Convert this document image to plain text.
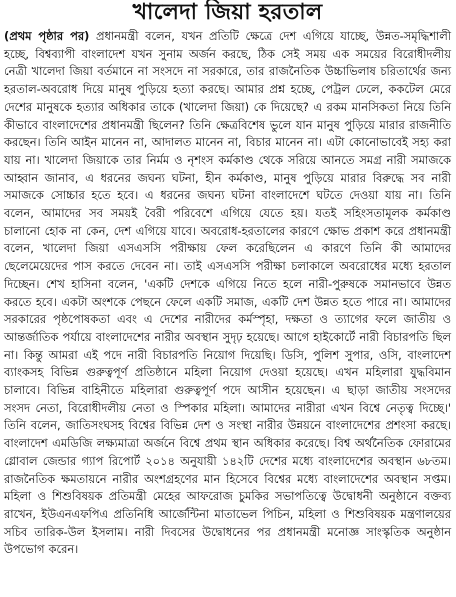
খালেদা জিয়া হরতাল

(প্রথম পৃষ্ঠার পর) প্রধানমন্ত্রী বলেন, যখন প্রতিটি ক্ষেত্রে দেশ এগিয়ে যাচ্ছে, উন্নত-সমৃদ্ধিশালী হচ্ছে, বিশ্বব্যাপী বাংলাদেশ যখন সুনাম অর্জন করছে, ঠিক সেই সময় এক সময়ের বিরোধীদলীয় নেত্রী খালেদা জিয়া বর্তমানে না সংসদে না সরকারে, তার রাজনৈতিক উচ্চাভিলাষ চরিতার্থের জন্য হরতাল-অবরোধ দিয়ে মানুষ পুড়িয়ে হত্যা করছে। আমার প্রশ্ন হচ্ছে, পেট্রল ঢেলে, ককটেল মেরে দেশের মানুষকে হত্যার অধিকার তাকে (খালেদা জিয়া) কে দিয়েছে? এ রকম মানসিকতা নিয়ে তিনি কীভাবে বাংলাদেশের প্রধানমন্ত্রী ছিলেন? তিনি ক্ষেত্রবিশেষ ভুলে যান মানুষ পুড়িয়ে মারার রাজনীতি করছেন। তিনি আইন মানেন না, আদালত মানেন না, বিচার মানেন না। এটা কোনোভাবেই সহ্য করা যায় না। খালেদা জিয়াকে তার নির্মম ও নৃশংস কর্মকাণ্ড থেকে সরিয়ে আনতে সমগ্র নারী সমাজকে আহ্বান জানাব, এ ধরনের জঘন্য ঘটনা, হীন কর্মকাণ্ড, মানুষ পুড়িয়ে মারার বিরুদ্ধে সব নারী সমাজকে সোচ্চার হতে হবে। এ ধরনের জঘন্য ঘটনা বাংলাদেশে ঘটতে দেওয়া যায় না। তিনি বলেন, আমাদের সব সময়ই বৈরী পরিবেশে এগিয়ে যেতে হয়। যতই সহিংসতামূলক কর্মকাণ্ড চালানো হোক না কেন, দেশ এগিয়ে যাবে। অবরোধ-হরতালের কারণে ক্ষোভ প্রকাশ করে প্রধানমন্ত্রী বলেন, খালেদা জিয়া এসএসসি পরীক্ষায় ফেল করেছিলেন এ কারণে তিনি কী আমাদের ছেলেমেয়েদের পাস করতে দেবেন না। তাই এসএসসি পরীক্ষা চলাকালে অবরোধের মধ্যে হরতাল দিচ্ছেন। শেখ হাসিনা বলেন, 'একটি দেশকে এগিয়ে নিতে হলে নারী-পুরুষকে সমানভাবে উন্নত করতে হবে। একটা অংশকে পেছনে ফেলে একটি সমাজ, একটি দেশ উন্নত হতে পারে না। আমাদের সরকারের পৃষ্ঠপোষকতা এবং এ দেশের নারীদের কর্মস্পৃহা, দক্ষতা ও ত্যাগের ফলে জাতীয় ও আন্তর্জাতিক পর্যায়ে বাংলাদেশের নারীর অবস্থান সুদৃঢ় হয়েছে। আগে হাইকোর্টে নারী বিচারপতি ছিল না। কিন্তু আমরা এই পদে নারী বিচারপতি নিয়োগ দিয়েছি। ডিসি, পুলিশ সুপার, ওসি, বাংলাদেশ ব্যাংকসহ বিভিন্ন গুরুত্বপূর্ণ প্রতিষ্ঠানে মহিলা নিয়োগ দেওয়া হয়েছে। এখন মহিলারা যুদ্ধবিমান চালাবে। বিভিন্ন বাহিনীতে মহিলারা গুরুত্বপূর্ণ পদে আসীন হয়েছেন। এ ছাড়া জাতীয় সংসদের সংসদ নেতা, বিরোধীদলীয় নেতা ও স্পিকার মহিলা। আমাদের নারীরা এখন বিশ্বে নেতৃত্ব দিচ্ছে।' তিনি বলেন, জাতিসংঘসহ বিশ্বের বিভিন্ন দেশ ও সংস্থা নারীর উন্নয়নে বাংলাদেশের প্রশংসা করছে। বাংলাদেশ এমডিজি লক্ষ্যমাত্রা অর্জনে বিশ্বে প্রথম স্থান অধিকার করেছে। বিশ্ব অর্থনৈতিক ফোরামের গ্লোবাল জেন্ডার গ্যাপ রিপোর্ট ২০১৪ অনুযায়ী ১৪২টি দেশের মধ্যে বাংলাদেশের অবস্থান ৬৮তম। রাজনৈতিক ক্ষমতায়নে নারীর অংশগ্রহণের মান হিসেবে বিশ্বের মধ্যে বাংলাদেশের অবস্থান সপ্তম। মহিলা ও শিশুবিষয়ক প্রতিমন্ত্রী মেহের আফরোজ চুমকির সভাপতিত্বে উদ্বোধনী অনুষ্ঠানে বক্তব্য রাখেন, ইউএনএফপিএ প্রতিনিধি আর্জেন্টিনা মাতাভেল পিচিন, মহিলা ও শিশুবিষয়ক মন্ত্রণালয়ের সচিব তারিক-উল ইসলাম। নারী দিবসের উদ্বোধনের পর প্রধানমন্ত্রী মনোজ্ঞ সাংস্কৃতিক অনুষ্ঠান উপভোগ করেন।
